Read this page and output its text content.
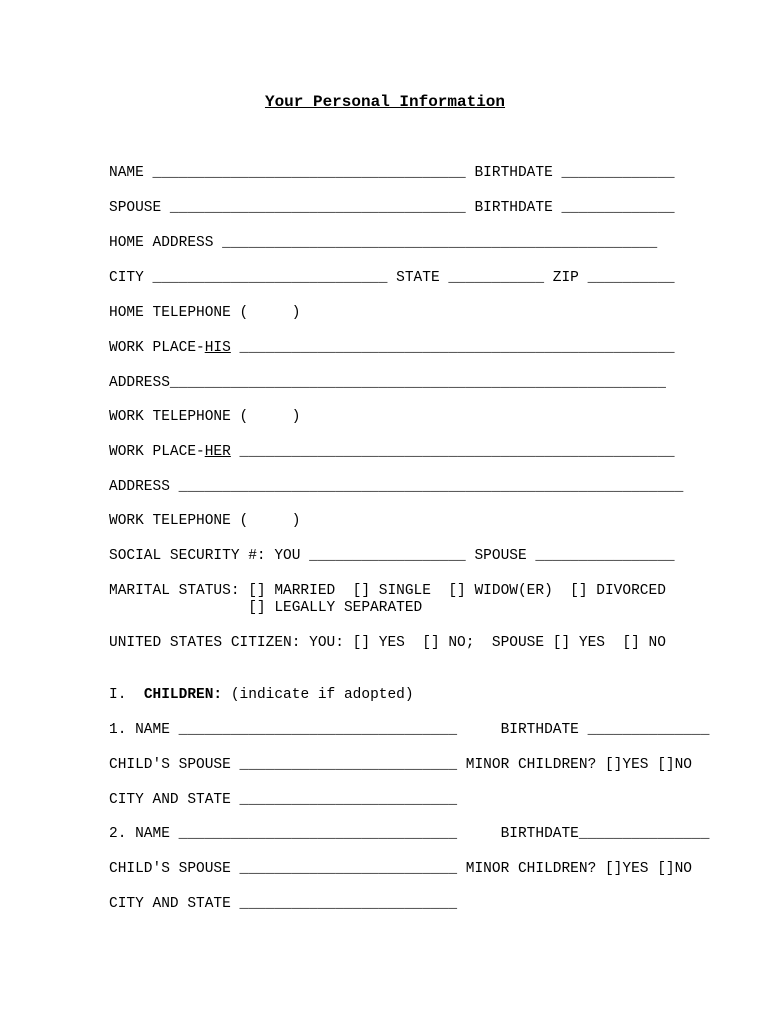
Your Personal Information
NAME ____________________________________ BIRTHDATE _____________
SPOUSE __________________________________ BIRTHDATE _____________
HOME ADDRESS __________________________________________________
CITY ___________________________ STATE ___________ ZIP __________
HOME TELEPHONE (     )
WORK PLACE-HIS __________________________________________________
ADDRESS_________________________________________________________
WORK TELEPHONE (     )
WORK PLACE-HER __________________________________________________
ADDRESS __________________________________________________________
WORK TELEPHONE (     )
SOCIAL SECURITY #: YOU __________________ SPOUSE ________________
MARITAL STATUS: [] MARRIED  [] SINGLE  [] WIDOW(ER)  [] DIVORCED
[] LEGALLY SEPARATED
UNITED STATES CITIZEN: YOU: [] YES  [] NO;  SPOUSE [] YES  [] NO
I.  CHILDREN: (indicate if adopted)
1. NAME ________________________________     BIRTHDATE ______________
CHILD'S SPOUSE _________________________ MINOR CHILDREN? []YES []NO
CITY AND STATE _________________________
2. NAME ________________________________     BIRTHDATE_______________
CHILD'S SPOUSE _________________________ MINOR CHILDREN? []YES []NO
CITY AND STATE _________________________
